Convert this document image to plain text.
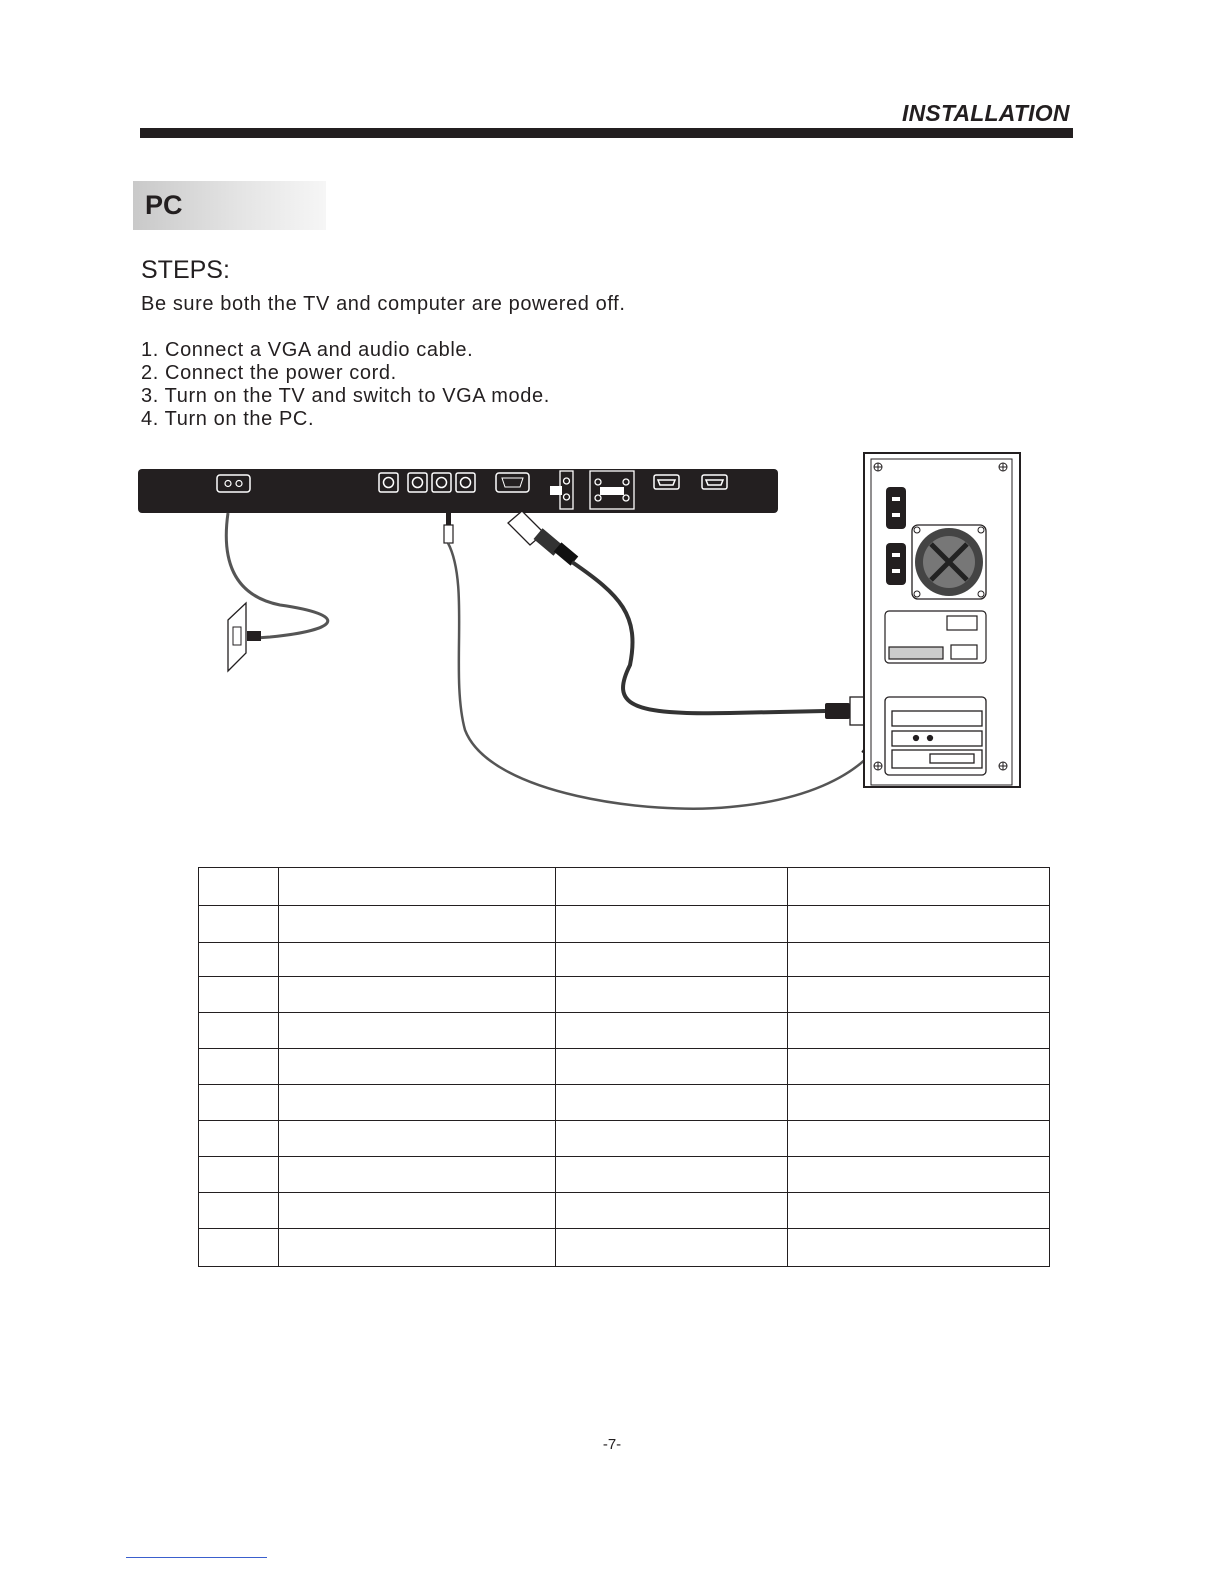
INSTALLATION
PC
STEPS:
Be sure both the TV and computer are powered off.
1. Connect a VGA and audio cable.
2. Connect the power cord.
3. Turn on the TV and switch to VGA mode.
4. Turn on the PC.

-7-
